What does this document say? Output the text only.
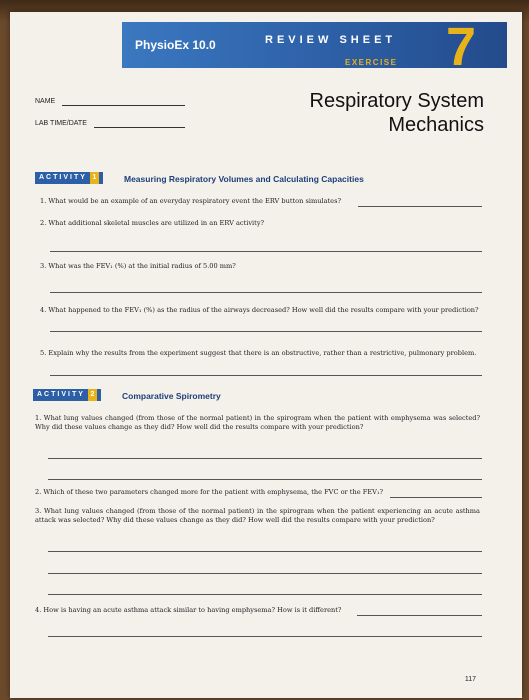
PhysioEx 10.0	REVIEW SHEET
EXERCISE 7
NAME
LAB TIME/DATE
Respiratory System
Mechanics
ACTIVITY 1	Measuring Respiratory Volumes and Calculating Capacities
1. What would be an example of an everyday respiratory event the ERV button simulates?
2. What additional skeletal muscles are utilized in an ERV activity?
3. What was the FEV₁ (%) at the initial radius of 5.00 mm?
4. What happened to the FEV₁ (%) as the radius of the airways decreased? How well did the results compare with your prediction?
5. Explain why the results from the experiment suggest that there is an obstructive, rather than a restrictive, pulmonary problem.
ACTIVITY 2	Comparative Spirometry
1. What lung values changed (from those of the normal patient) in the spirogram when the patient with emphysema was selected? Why did these values change as they did? How well did the results compare with your prediction?
2. Which of these two parameters changed more for the patient with emphysema, the FVC or the FEV₁?
3. What lung values changed (from those of the normal patient) in the spirogram when the patient experiencing an acute asthma attack was selected? Why did these values change as they did? How well did the results compare with your prediction?
4. How is having an acute asthma attack similar to having emphysema? How is it different?
117
